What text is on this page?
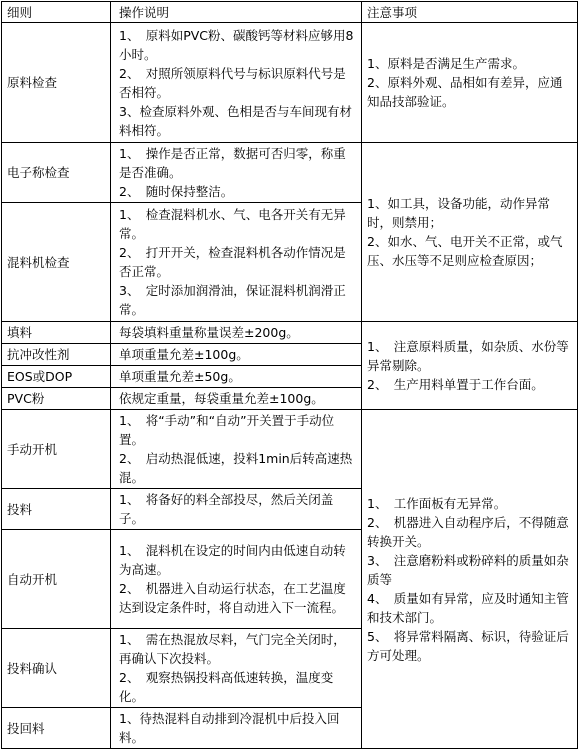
细则	操作说明	注意事项
原料检查	1、　原料如PVC粉、碳酸钙等材料应够用8小时。
2、　对照所领原料代号与标识原料代号是否相符。
3、检查原料外观、色相是否与车间现有材料相符。	1、原料是否满足生产需求。
2、原料外观、品相如有差异，应通知品技部验证。

电子称检查	1、　操作是否正常，数据可否归零，称重是否准确。
2、　随时保持整洁。	1、如工具，设备功能，动作异常时，则禁用；
2、如水、气、电开关不正常，或气压、水压等不足则应检查原因；

混料机检查	1、　检查混料机水、气、电各开关有无异常。
2、　打开开关，检查混料机各动作情况是否正常。
3、　定时添加润滑油，保证混料机润滑正常。	

填料	每袋填料重量称量误差±200g。	1、　注意原料质量，如杂质、水份等异常剔除。
2、　生产用料单置于工作台面。

抗冲改性剂	单项重量允差±100g。	
EOS或DOP	单项重量允差±50g。	
PVC粉	依规定重量，每袋重量允差±100g。	
手动开机	1、　将“手动”和“自动”开关置于手动位置。
2、　启动热混低速，投料1min后转高速热混。	1、　工作面板有无异常。
2、　机器进入自动程序后，不得随意转换开关。
3、　注意磨粉料或粉碎料的质量如杂质等
4、　质量如有异常，应及时通知主管和技术部门。
5、　将异常料隔离、标识，待验证后方可处理。

投料	1、　将备好的料全部投尽，然后关闭盖子。	

自动开机	1、　混料机在设定的时间内由低速自动转为高速。
2、　机器进入自动运行状态，在工艺温度达到设定条件时，将自动进入下一流程。	

投料确认	1、　需在热混放尽料，气门完全关闭时，再确认下次投料。
2、　观察热锅投料高低速转换，温度变化。	

投回料	1、待热混料自动排到冷混机中后投入回料。	
